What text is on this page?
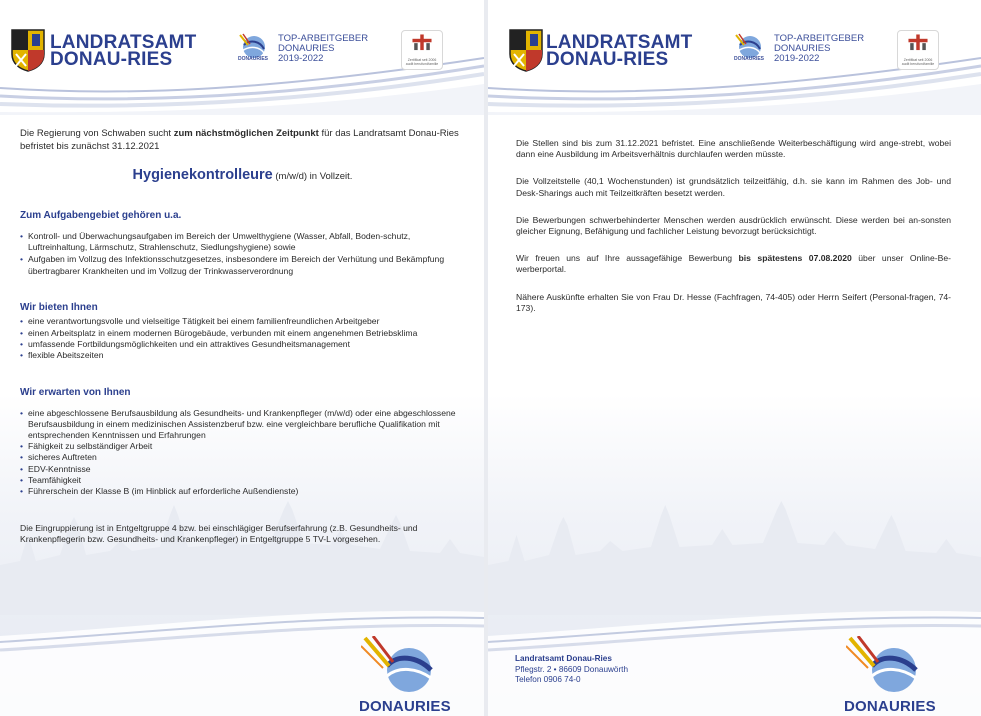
LANDRATSAMT
DONAU-RIES	DONAURIES
TOP-ARBEITGEBER
DONAURIES
2019-2022	Zertifikat seit 2006 audit berufundfamilie

Die Regierung von Schwaben sucht zum nächstmöglichen Zeitpunkt für das Landratsamt Donau-Ries befristet bis zunächst 31.12.2021

Hygienekontrolleure (m/w/d) in Vollzeit.

Zum Aufgabengebiet gehören u.a.
• Kontroll- und Überwachungsaufgaben im Bereich der Umwelthygiene (Wasser, Abfall, Boden-schutz, Luftreinhaltung, Lärmschutz, Strahlenschutz, Siedlungshygiene) sowie
• Aufgaben im Vollzug des Infektionsschutzgesetzes, insbesondere im Bereich der Verhütung und Bekämpfung übertragbarer Krankheiten und im Vollzug der Trinkwasserverordnung
Wir bieten Ihnen
• eine verantwortungsvolle und vielseitige Tätigkeit bei einem familienfreundlichen Arbeitgeber
• einen Arbeitsplatz in einem modernen Bürogebäude, verbunden mit einem angenehmen Betriebsklima
• umfassende Fortbildungsmöglichkeiten und ein attraktives Gesundheitsmanagement
• flexible Abeitszeiten
Wir erwarten von Ihnen
• eine abgeschlossene Berufsausbildung als Gesundheits- und Krankenpfleger (m/w/d) oder eine abgeschlossene Berufsausbildung in einem medizinischen Assistenzberuf bzw. eine vergleichbare berufliche Qualifikation mit entsprechenden Kenntnissen und Erfahrungen
• Fähigkeit zu selbständiger Arbeit
• sicheres Auftreten
• EDV-Kenntnisse
• Teamfähigkeit
• Führerschein der Klasse B (im Hinblick auf erforderliche Außendienste)

Die Eingruppierung ist in Entgeltgruppe 4 bzw. bei einschlägiger Berufserfahrung (z.B. Gesundheits- und Krankenpflegerin bzw. Gesundheits- und Krankenpfleger) in Entgeltgruppe 5 TV-L vorgesehen.

DONAURIES
LANDRATSAMT
DONAU-RIES	DONAURIES
TOP-ARBEITGEBER
DONAURIES
2019-2022	Zertifikat seit 2006 audit berufundfamilie

Die Stellen sind bis zum 31.12.2021 befristet. Eine anschließende Weiterbeschäftigung wird ange-strebt, wobei dann eine Ausbildung im Arbeitsverhältnis durchlaufen werden müsste.

Die Vollzeitstelle (40,1 Wochenstunden) ist grundsätzlich teilzeitfähig, d.h. sie kann im Rahmen des Job- und Desk-Sharings auch mit Teilzeitkräften besetzt werden.

Die Bewerbungen schwerbehinderter Menschen werden ausdrücklich erwünscht. Diese werden bei an-sonsten gleicher Eignung, Befähigung und fachlicher Leistung bevorzugt berücksichtigt.

Wir freuen uns auf Ihre aussagefähige Bewerbung bis spätestens 07.08.2020 über unser Online-Be-werberportal.

Nähere Auskünfte erhalten Sie von Frau Dr. Hesse (Fachfragen, 74-405) oder Herrn Seifert (Personal-fragen, 74-173).

Landratsamt Donau-Ries
Pflegstr. 2 • 86609 Donauwörth
Telefon 0906 74-0
DONAURIES
